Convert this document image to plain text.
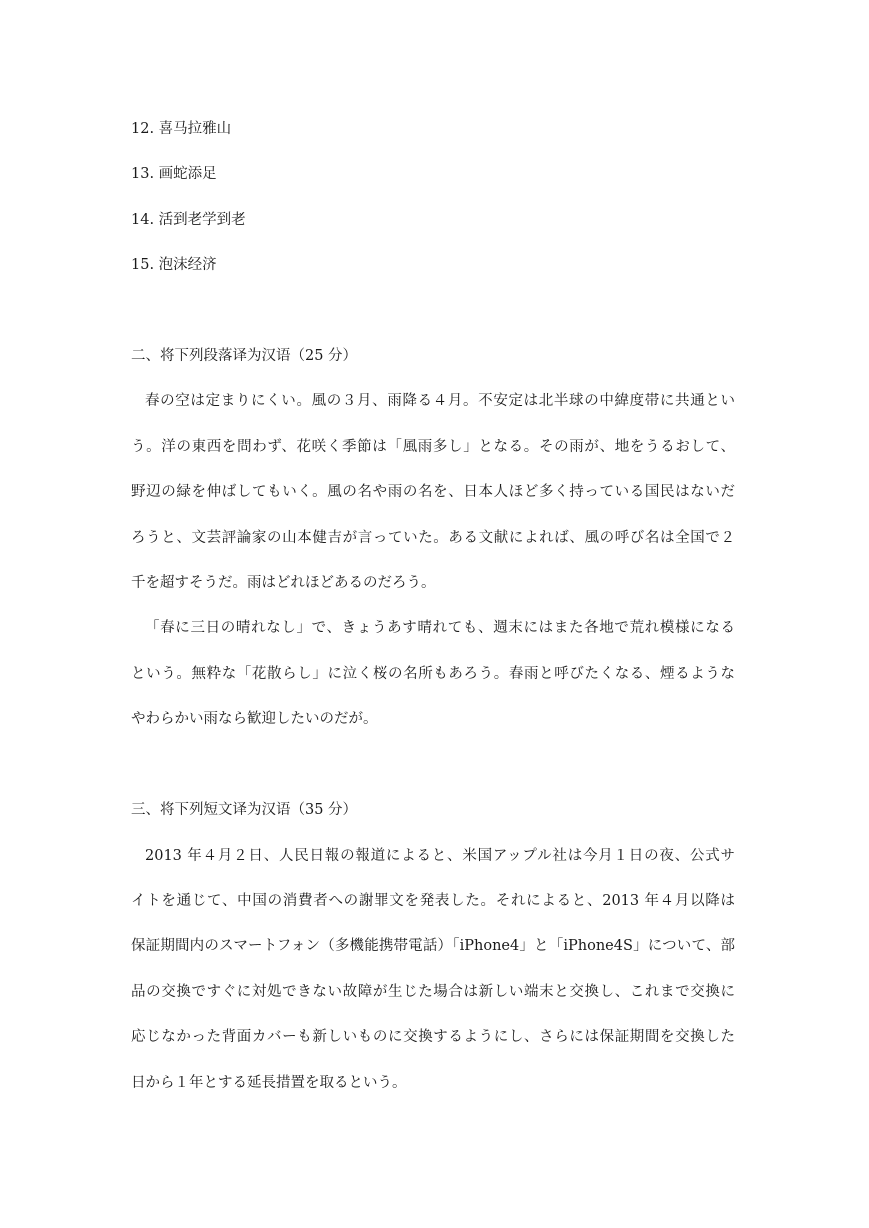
12. 喜马拉雅山
13. 画蛇添足
14. 活到老学到老
15. 泡沫经济
二、将下列段落译为汉语（25 分）
春の空は定まりにくい。風の３月、雨降る４月。不安定は北半球の中緯度帯に共通とい
う。洋の東西を問わず、花咲く季節は「風雨多し」となる。その雨が、地をうるおして、
野辺の緑を伸ばしてもいく。風の名や雨の名を、日本人ほど多く持っている国民はないだ
ろうと、文芸評論家の山本健吉が言っていた。ある文献によれば、風の呼び名は全国で２
千を超すそうだ。雨はどれほどあるのだろう。
「春に三日の晴れなし」で、きょうあす晴れても、週末にはまた各地で荒れ模様になる
という。無粋な「花散らし」に泣く桜の名所もあろう。春雨と呼びたくなる、煙るような
やわらかい雨なら歓迎したいのだが。
三、将下列短文译为汉语（35 分）
2013 年４月２日、人民日報の報道によると、米国アップル社は今月１日の夜、公式サ
イトを通じて、中国の消費者への謝罪文を発表した。それによると、2013 年４月以降は
保証期間内のスマートフォン（多機能携帯電話）「iPhone4」と「iPhone4S」について、部
品の交換ですぐに対処できない故障が生じた場合は新しい端末と交換し、これまで交換に
応じなかった背面カバーも新しいものに交換するようにし、さらには保証期間を交換した
日から１年とする延長措置を取るという。
